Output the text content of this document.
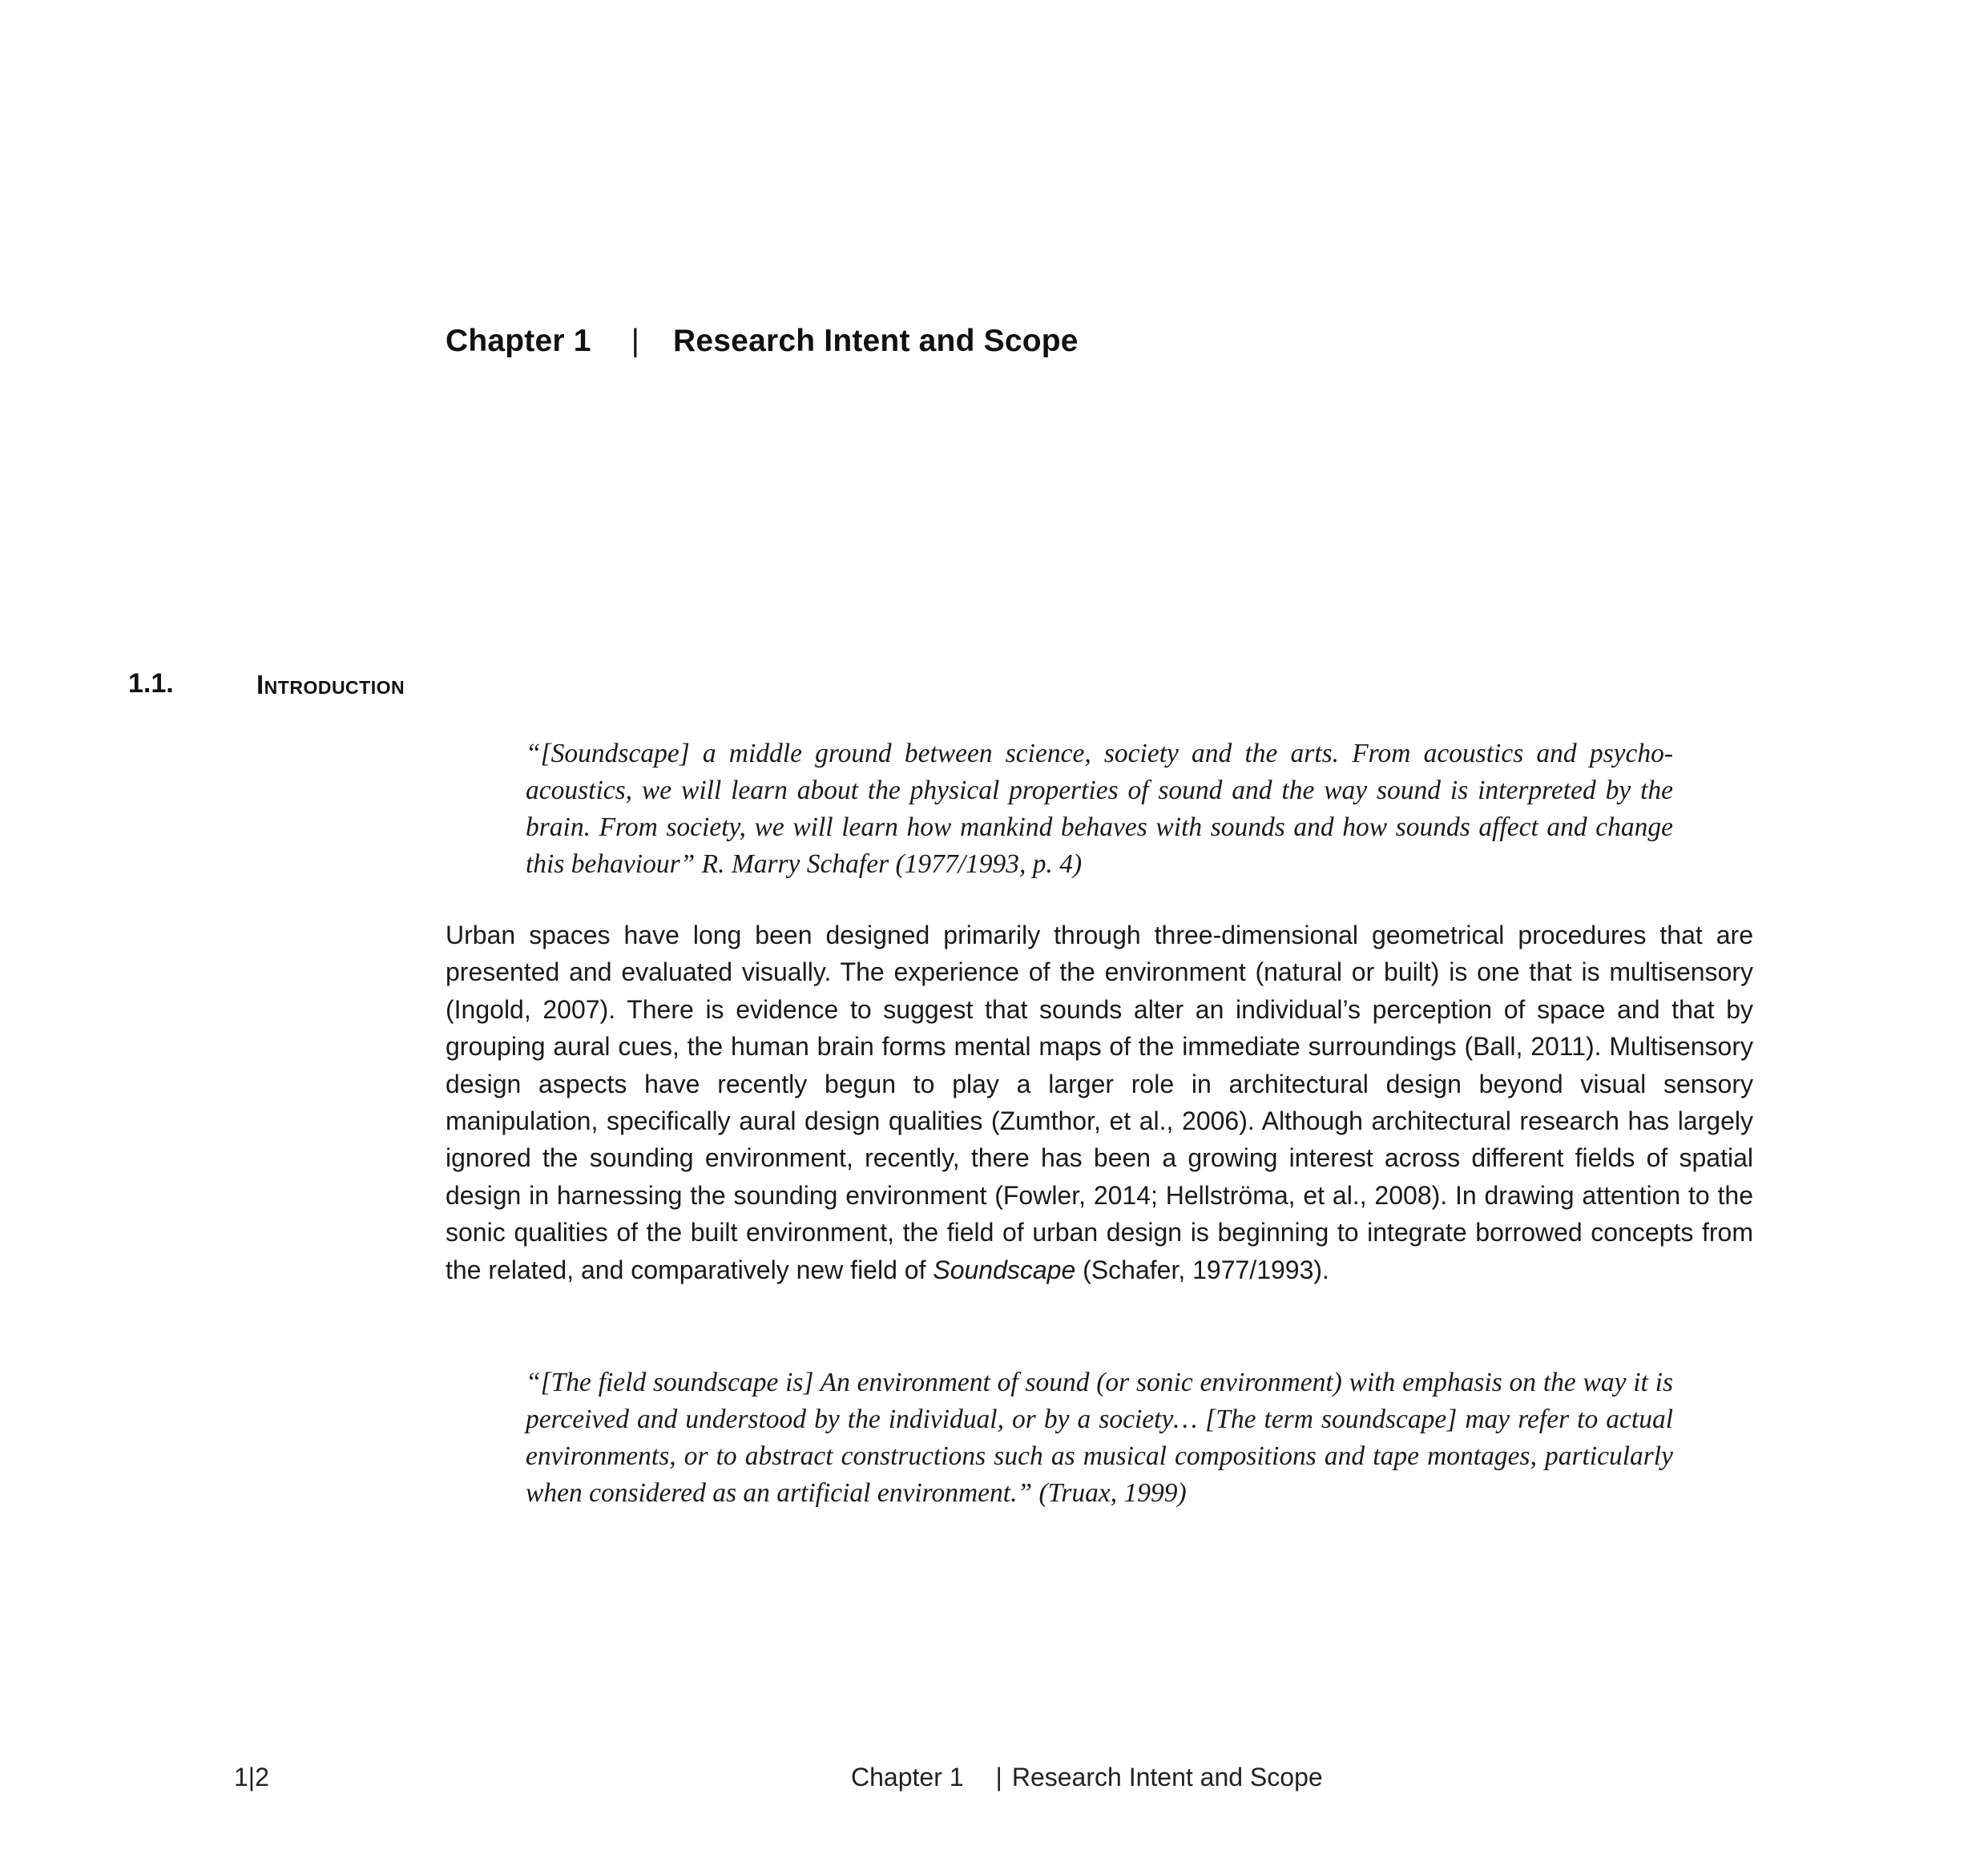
Chapter 1 | Research Intent and Scope
1.1.	Introduction
“[Soundscape] a middle ground between science, society and the arts. From acoustics and psycho-acoustics, we will learn about the physical properties of sound and the way sound is interpreted by the brain. From society, we will learn how mankind behaves with sounds and how sounds affect and change this behaviour” R. Marry Schafer (1977/1993, p. 4)
Urban spaces have long been designed primarily through three-dimensional geometrical procedures that are presented and evaluated visually. The experience of the environment (natural or built) is one that is multisensory (Ingold, 2007). There is evidence to suggest that sounds alter an individual’s perception of space and that by grouping aural cues, the human brain forms mental maps of the immediate surroundings (Ball, 2011). Multisensory design aspects have recently begun to play a larger role in architectural design beyond visual sensory manipulation, specifically aural design qualities (Zumthor, et al., 2006). Although architectural research has largely ignored the sounding environment, recently, there has been a growing interest across different fields of spatial design in harnessing the sounding environment (Fowler, 2014; Hellströma, et al., 2008). In drawing attention to the sonic qualities of the built environment, the field of urban design is beginning to integrate borrowed concepts from the related, and comparatively new field of Soundscape (Schafer, 1977/1993).
“[The field soundscape is] An environment of sound (or sonic environment) with emphasis on the way it is perceived and understood by the individual, or by a society… [The term soundscape] may refer to actual environments, or to abstract constructions such as musical compositions and tape montages, particularly when considered as an artificial environment.” (Truax, 1999)
1|2	Chapter 1 | Research Intent and Scope
